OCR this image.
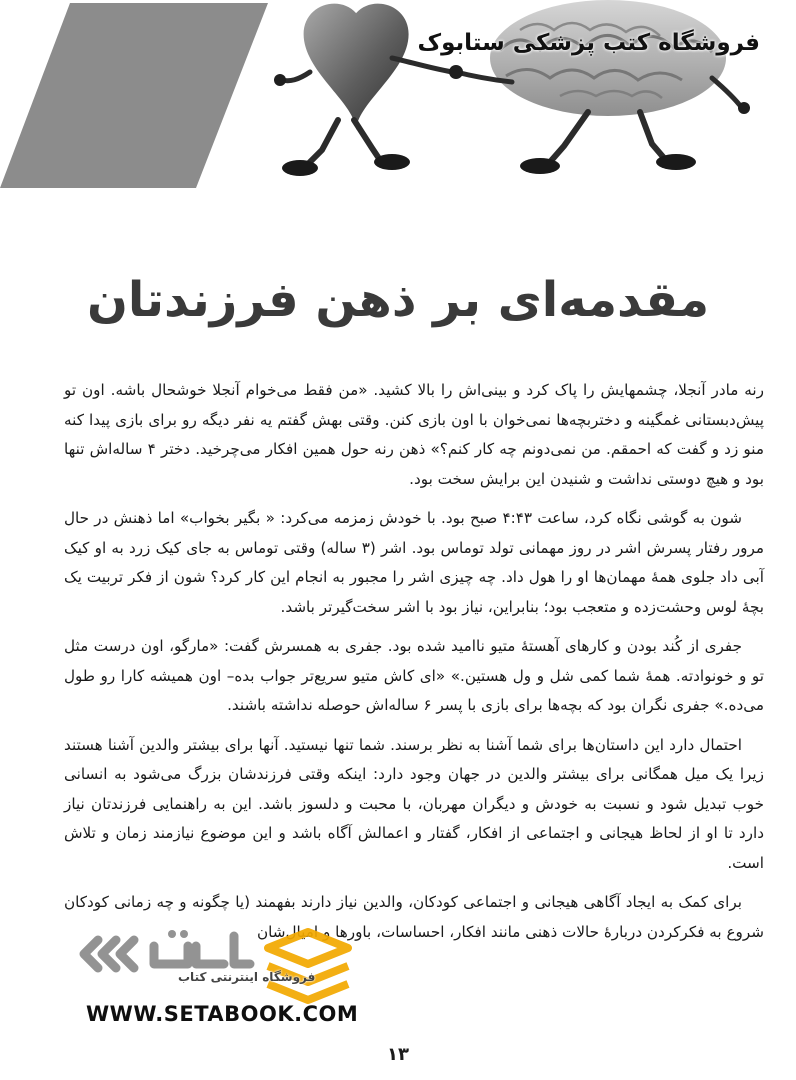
فروشگاه کتب پزشکی ستابوک
مقدمه‌ای بر ذهن فرزندتان

رنه مادر آنجلا، چشمهایش را پاک کرد و بینی‌اش را بالا کشید. «من فقط می‌خوام آنجلا خوشحال باشه. اون تو پیش‌دبستانی غمگینه و دختربچه‌ها نمی‌خوان با اون بازی کنن. وقتی بهش گفتم یه نفر دیگه رو برای بازی پیدا کنه منو زد و گفت که احمقم. من نمی‌دونم چه کار کنم؟» ذهن رنه حول همین افکار می‌چرخید. دختر ۴ ساله‌اش تنها بود و هیچ دوستی نداشت و شنیدن این برایش سخت بود.

شون به گوشی نگاه کرد، ساعت ۴:۴۳ صبح بود. با خودش زمزمه می‌کرد: « بگیر بخواب» اما ذهنش در حال مرور رفتار پسرش اشر در روز مهمانی تولد توماس بود. اشر (۳ ساله) وقتی توماس به جای کیک زرد به او کیک آبی داد جلوی همهٔ مهمان‌ها او را هول داد. چه چیزی اشر را مجبور به انجام این کار کرد؟ شون از فکر تربیت یک بچهٔ لوس وحشت‌زده و متعجب بود؛ بنابراین، نیاز بود با اشر سخت‌گیرتر باشد.

جفری از کُند بودن و کارهای آهستهٔ متیو ناامید شده بود. جفری به همسرش گفت: «مارگو، اون درست مثل تو و خونوادته. همهٔ شما کمی شل و ول هستین.» «ای کاش متیو سریع‌تر جواب بده– اون همیشه کارا رو طول می‌ده.» جفری نگران بود که بچه‌ها برای بازی با پسر ۶ ساله‌اش حوصله نداشته باشند.

احتمال دارد این داستان‌ها برای شما آشنا به نظر برسند. شما تنها نیستید. آنها برای بیشتر والدین آشنا هستند زیرا یک میل همگانی برای بیشتر والدین در جهان وجود دارد: اینکه وقتی فرزندشان بزرگ می‌شود به انسانی خوب تبدیل شود و نسبت به خودش و دیگران مهربان، با محبت و دلسوز باشد. این به راهنمایی فرزندتان نیاز دارد تا او از لحاظ هیجانی و اجتماعی از افکار، گفتار و اعمالش آگاه باشد و این موضوع نیازمند زمان و تلاش است.

برای کمک به ایجاد آگاهی هیجانی و اجتماعی کودکان، والدین نیاز دارند بفهمند (یا چگونه و چه زمانی کودکان شروع به فکرکردن دربارهٔ حالات ذهنی مانند افکار، احساسات، باورها و امیال‌شان

فروشگاه اینترنتی کتاب
WWW.SETABOOK.COM
۱۳
